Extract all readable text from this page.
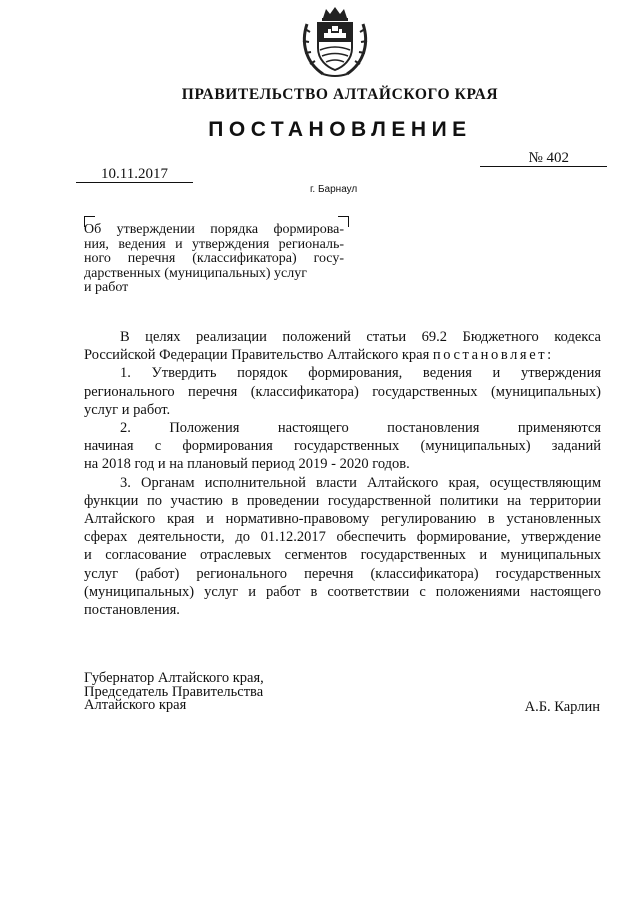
ПРАВИТЕЛЬСТВО АЛТАЙСКОГО КРАЯ
ПОСТАНОВЛЕНИЕ
10.11.2017
№ 402
г. Барнаул
Об утверждении порядка формирова-
ния, ведения и утверждения региональ-
ного перечня (классификатора) госу-
дарственных (муниципальных) услуг
и работ
В целях реализации положений статьи 69.2 Бюджетного кодекса
Российской Федерации Правительство Алтайского края постановляет:
1. Утвердить порядок формирования, ведения и утверждения
регионального перечня (классификатора) государственных (муниципальных)
услуг и работ.
2. Положения настоящего постановления применяются
начиная с формирования государственных (муниципальных) заданий
на 2018 год и на плановый период 2019 - 2020 годов.
3. Органам исполнительной власти Алтайского края, осуществляющим
функции по участию в проведении государственной политики на территории
Алтайского края и нормативно-правовому регулированию в установленных
сферах деятельности, до 01.12.2017 обеспечить формирование, утверждение
и согласование отраслевых сегментов государственных и муниципальных
услуг (работ) регионального перечня (классификатора) государственных
(муниципальных) услуг и работ в соответствии с положениями настоящего
постановления.
Губернатор Алтайского края,
Председатель Правительства
Алтайского края	А.Б. Карлин
